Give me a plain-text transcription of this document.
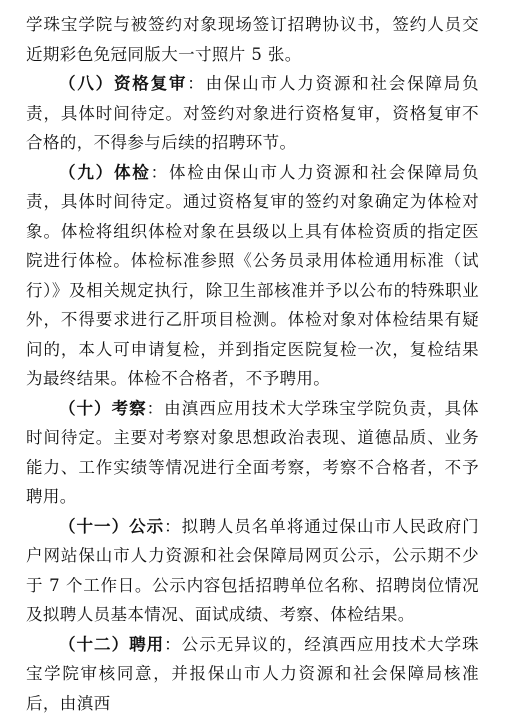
学珠宝学院与被签约对象现场签订招聘协议书，签约人员交近期彩色免冠同版大一寸照片 5 张。

（八）资格复审：由保山市人力资源和社会保障局负责，具体时间待定。对签约对象进行资格复审，资格复审不合格的，不得参与后续的招聘环节。

（九）体检：体检由保山市人力资源和社会保障局负责，具体时间待定。通过资格复审的签约对象确定为体检对象。体检将组织体检对象在县级以上具有体检资质的指定医院进行体检。体检标准参照《公务员录用体检通用标准（试行）》及相关规定执行，除卫生部核准并予以公布的特殊职业外，不得要求进行乙肝项目检测。体检对象对体检结果有疑问的，本人可申请复检，并到指定医院复检一次，复检结果为最终结果。体检不合格者，不予聘用。

（十）考察：由滇西应用技术大学珠宝学院负责，具体时间待定。主要对考察对象思想政治表现、道德品质、业务能力、工作实绩等情况进行全面考察，考察不合格者，不予聘用。

（十一）公示：拟聘人员名单将通过保山市人民政府门户网站保山市人力资源和社会保障局网页公示，公示期不少于 7 个工作日。公示内容包括招聘单位名称、招聘岗位情况及拟聘人员基本情况、面试成绩、考察、体检结果。

（十二）聘用：公示无异议的，经滇西应用技术大学珠宝学院审核同意，并报保山市人力资源和社会保障局核准后，由滇西
